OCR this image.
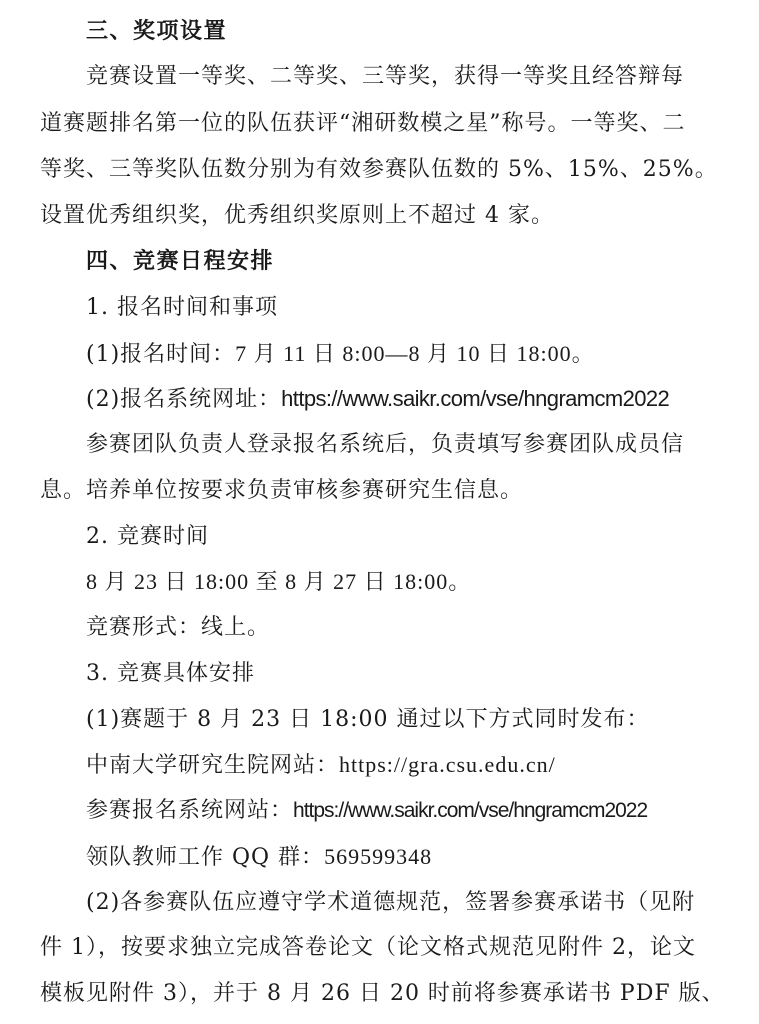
三、奖项设置
竞赛设置一等奖、二等奖、三等奖，获得一等奖且经答辩每
道赛题排名第一位的队伍获评“湘研数模之星”称号。一等奖、二
等奖、三等奖队伍数分别为有效参赛队伍数的 5%、15%、25%。
设置优秀组织奖，优秀组织奖原则上不超过 4 家。
四、竞赛日程安排
1. 报名时间和事项
(1)报名时间：7 月 11 日 8:00—8 月 10 日 18:00。
(2)报名系统网址：https://www.saikr.com/vse/hngramcm2022
参赛团队负责人登录报名系统后，负责填写参赛团队成员信
息。培养单位按要求负责审核参赛研究生信息。
2. 竞赛时间
8 月 23 日 18:00 至 8 月 27 日 18:00。
竞赛形式：线上。
3. 竞赛具体安排
(1)赛题于 8 月 23 日 18:00 通过以下方式同时发布：
中南大学研究生院网站：https://gra.csu.edu.cn/
参赛报名系统网站：https://www.saikr.com/vse/hngramcm2022
领队教师工作 QQ 群：569599348
(2)各参赛队伍应遵守学术道德规范，签署参赛承诺书（见附
件 1），按要求独立完成答卷论文（论文格式规范见附件 2，论文
模板见附件 3），并于 8 月 26 日 20 时前将参赛承诺书 PDF 版、
